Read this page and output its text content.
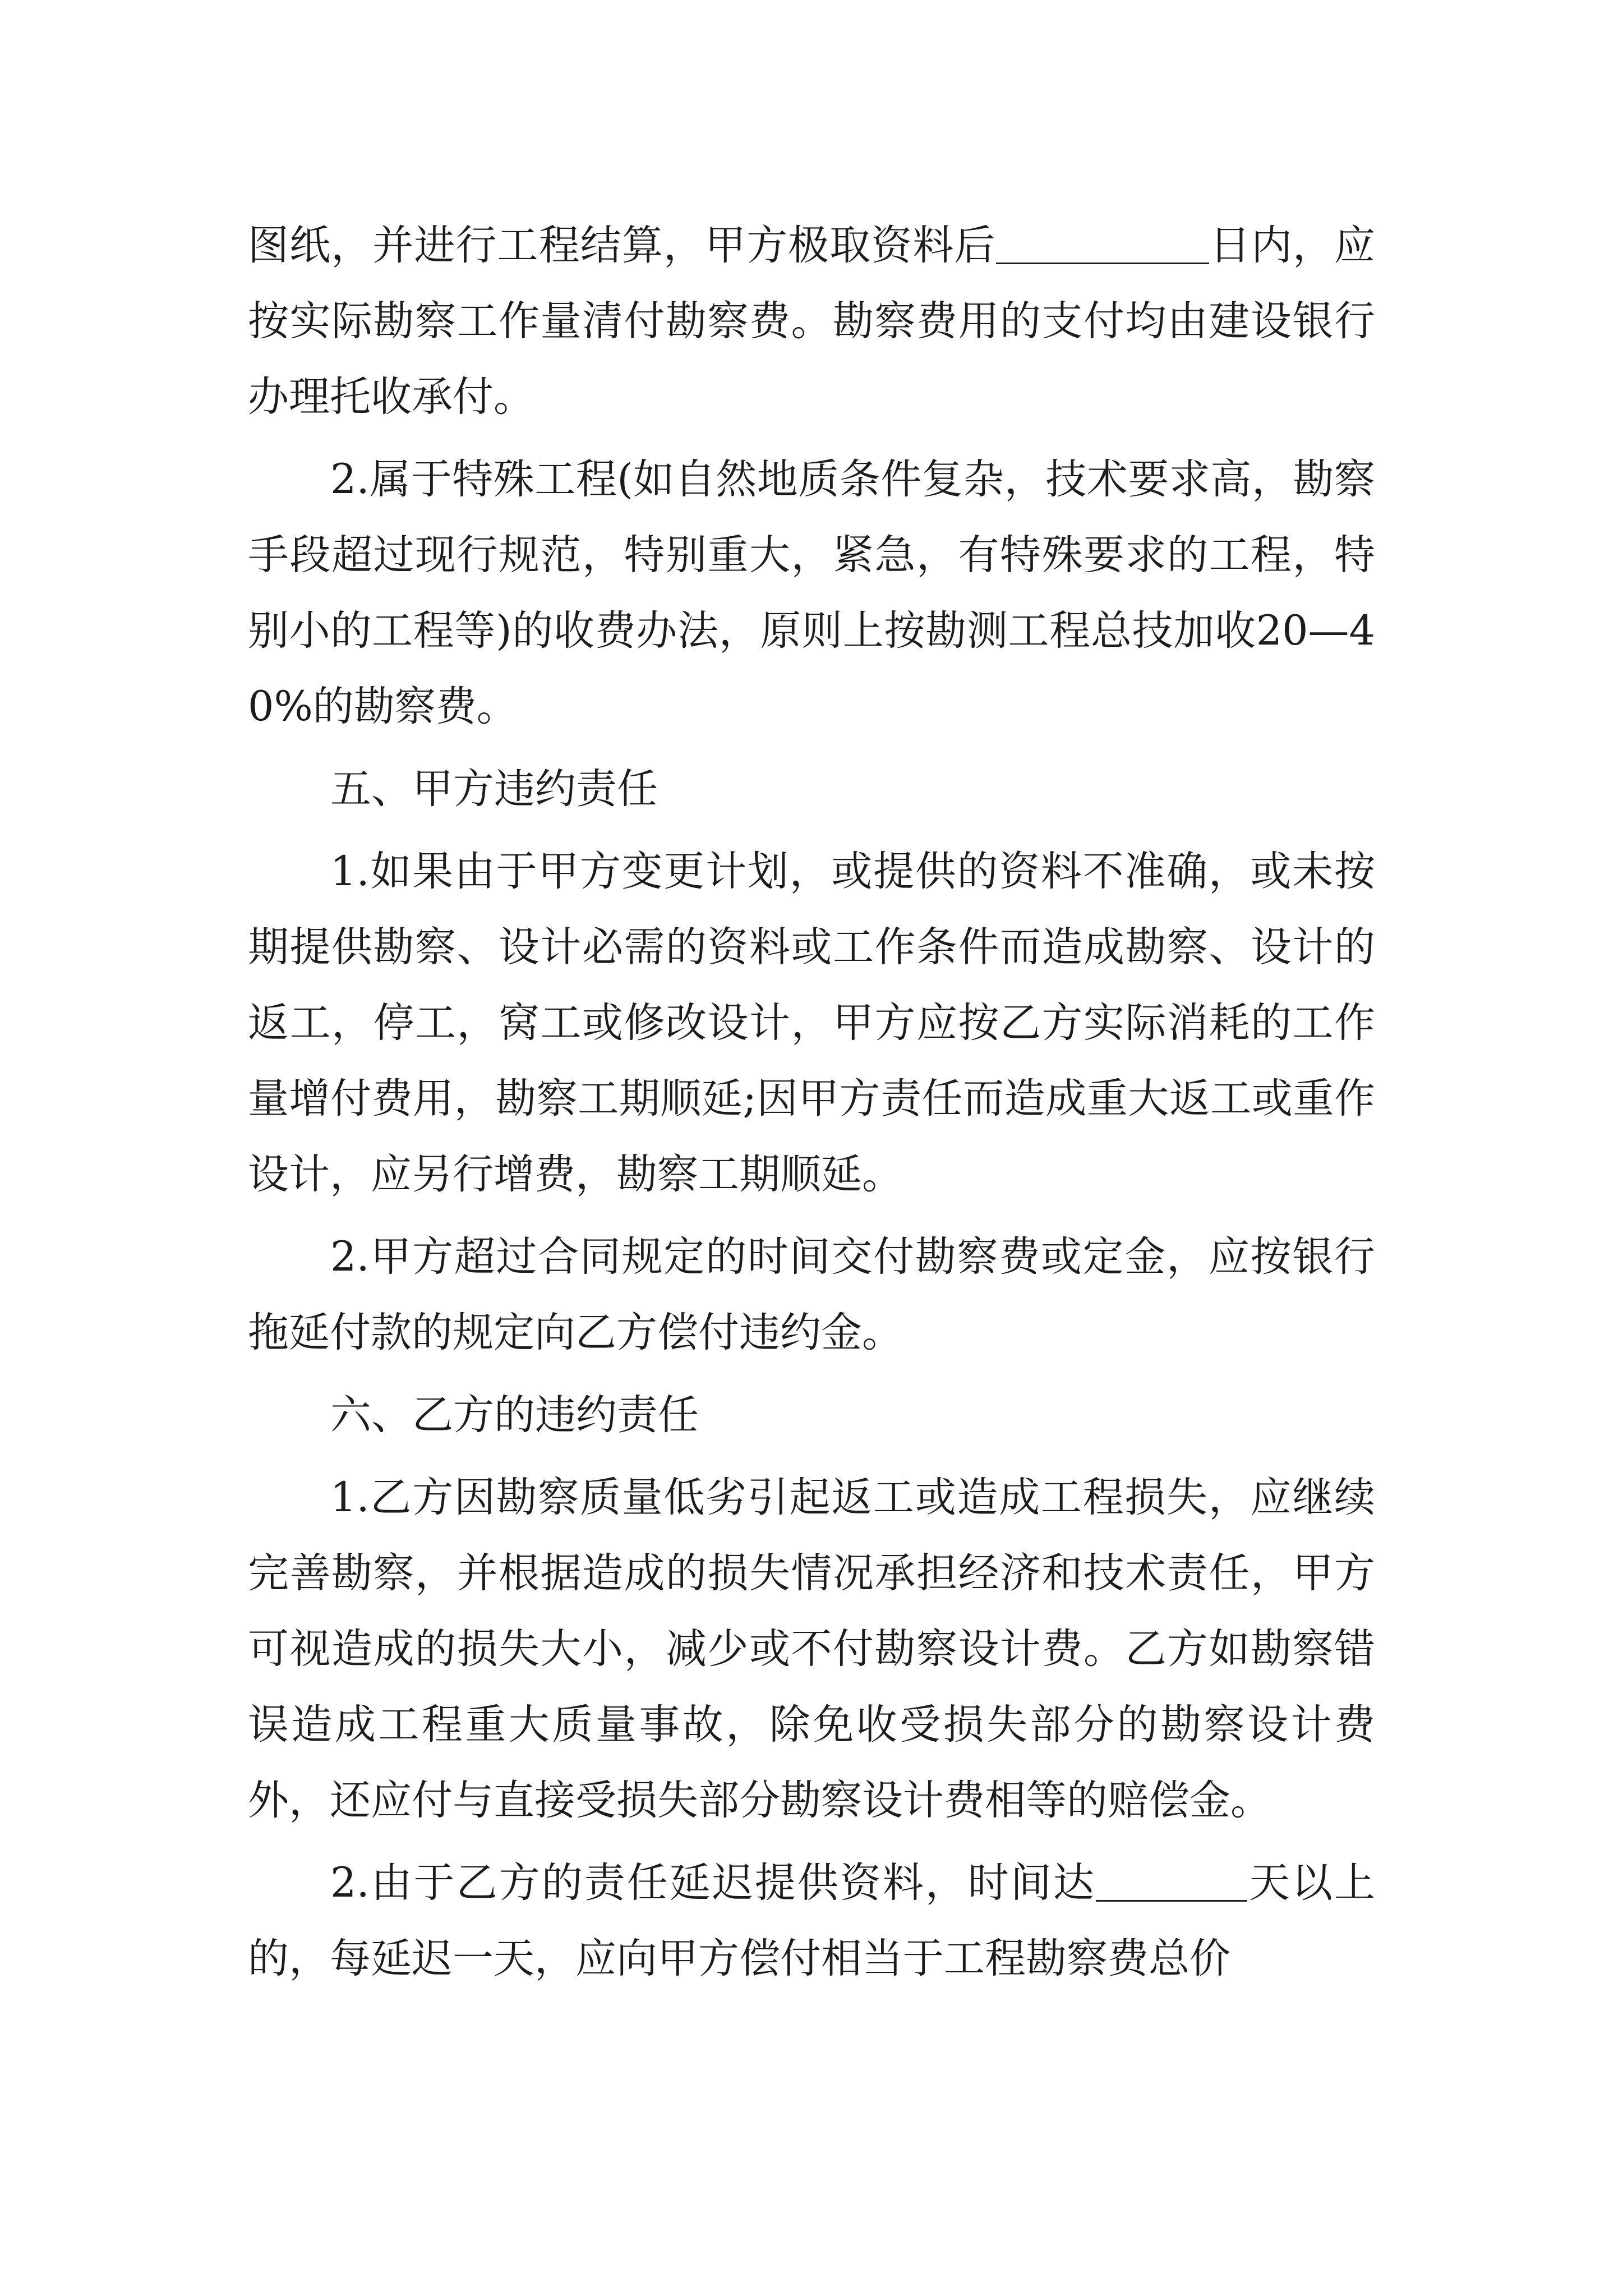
图纸，并进行工程结算，甲方极取资料后	日内，应按实际勘察工作量清付勘察费。勘察费用的支付均由建设银行办理托收承付。

2.属于特殊工程(如自然地质条件复杂，技术要求高，勘察手段超过现行规范，特别重大，紧急，有特殊要求的工程，特别小的工程等)的收费办法，原则上按勘测工程总技加收20—40%的勘察费。

五、甲方违约责任

1.如果由于甲方变更计划，或提供的资料不准确，或未按期提供勘察、设计必需的资料或工作条件而造成勘察、设计的返工，停工，窝工或修改设计，甲方应按乙方实际消耗的工作量增付费用，勘察工期顺延;因甲方责任而造成重大返工或重作设计，应另行增费，勘察工期顺延。

2.甲方超过合同规定的时间交付勘察费或定金，应按银行拖延付款的规定向乙方偿付违约金。

六、乙方的违约责任

1.乙方因勘察质量低劣引起返工或造成工程损失，应继续完善勘察，并根据造成的损失情况承担经济和技术责任，甲方可视造成的损失大小，减少或不付勘察设计费。乙方如勘察错误造成工程重大质量事故，除免收受损失部分的勘察设计费外，还应付与直接受损失部分勘察设计费相等的赔偿金。

2.由于乙方的责任延迟提供资料，时间达	天以上的，每延迟一天，应向甲方偿付相当于工程勘察费总价
